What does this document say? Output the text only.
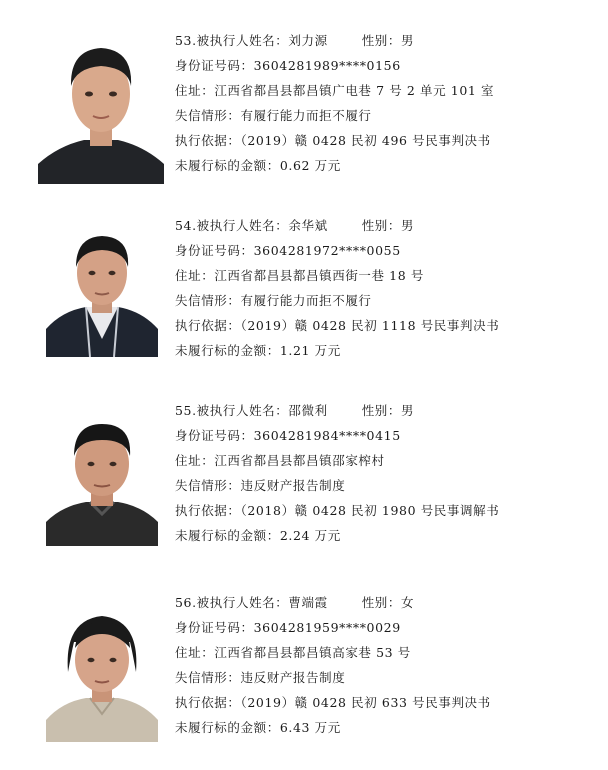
53.被执行人姓名：刘力源	性别：男
身份证号码：3604281989****0156
住址：江西省都昌县都昌镇广电巷 7 号 2 单元 101 室
失信情形：有履行能力而拒不履行
执行依据：（2019）赣 0428 民初 496 号民事判决书
未履行标的金额：0.62 万元
54.被执行人姓名：余华斌	性别：男
身份证号码：3604281972****0055
住址：江西省都昌县都昌镇西街一巷 18 号
失信情形：有履行能力而拒不履行
执行依据：（2019）赣 0428 民初 1118 号民事判决书
未履行标的金额：1.21 万元
55.被执行人姓名：邵微利	性别：男
身份证号码：3604281984****0415
住址：江西省都昌县都昌镇邵家榨村
失信情形：违反财产报告制度
执行依据：（2018）赣 0428 民初 1980 号民事调解书
未履行标的金额：2.24 万元
56.被执行人姓名：曹端霞	性别：女
身份证号码：3604281959****0029
住址：江西省都昌县都昌镇高家巷 53 号
失信情形：违反财产报告制度
执行依据：（2019）赣 0428 民初 633 号民事判决书
未履行标的金额：6.43 万元
